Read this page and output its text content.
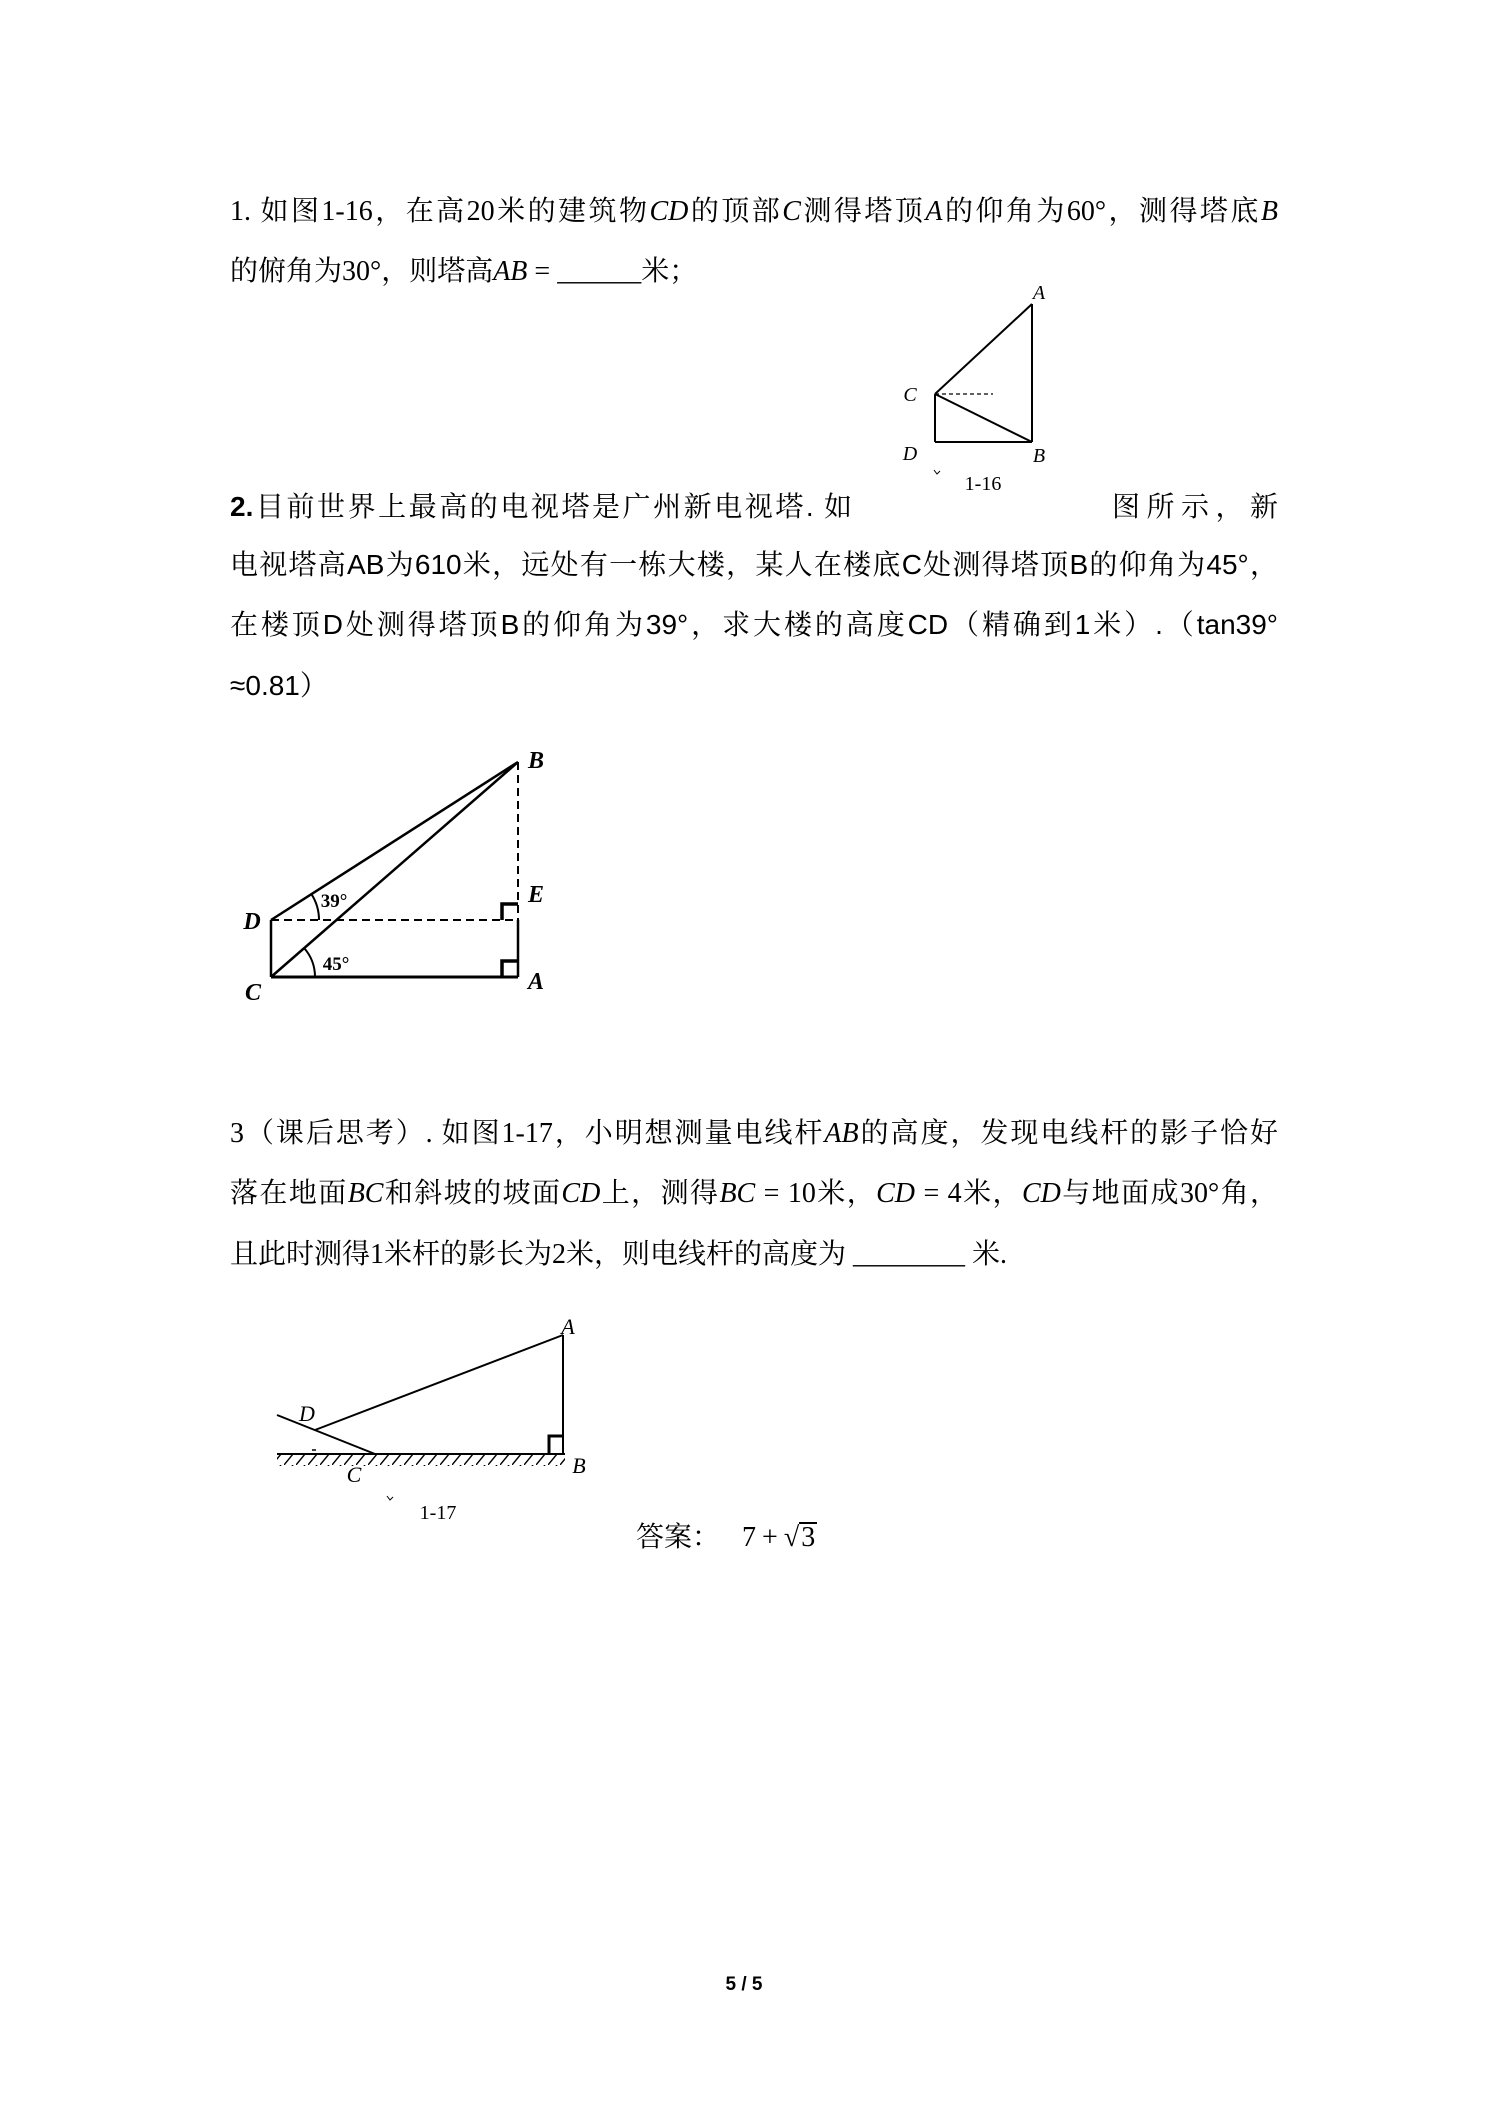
1. 如图1-16，在高20米的建筑物CD的顶部C测得塔顶A的仰角为60°，测得塔底B
的俯角为30°，则塔高AB = ______米；
A
C
D	B
1-16
2.目前世界上最高的电视塔是广州新电视塔. 如	图所示，新
电视塔高AB为610米，远处有一栋大楼，某人在楼底C处测得塔顶B的仰角为45°，
在楼顶D处测得塔顶B的仰角为39°，求大楼的高度CD（精确到1米）.（tan39°
≈0.81）
B
E
D
C	A
39°
45°
3（课后思考）. 如图1-17，小明想测量电线杆AB的高度，发现电线杆的影子恰好
落在地面BC和斜坡的坡面CD上，测得BC = 10米，CD = 4米，CD与地面成30°角，
且此时测得1米杆的影长为2米，则电线杆的高度为 ________ 米.
A
D
C	B
1-17
答案： 7 + √3
5 / 5
